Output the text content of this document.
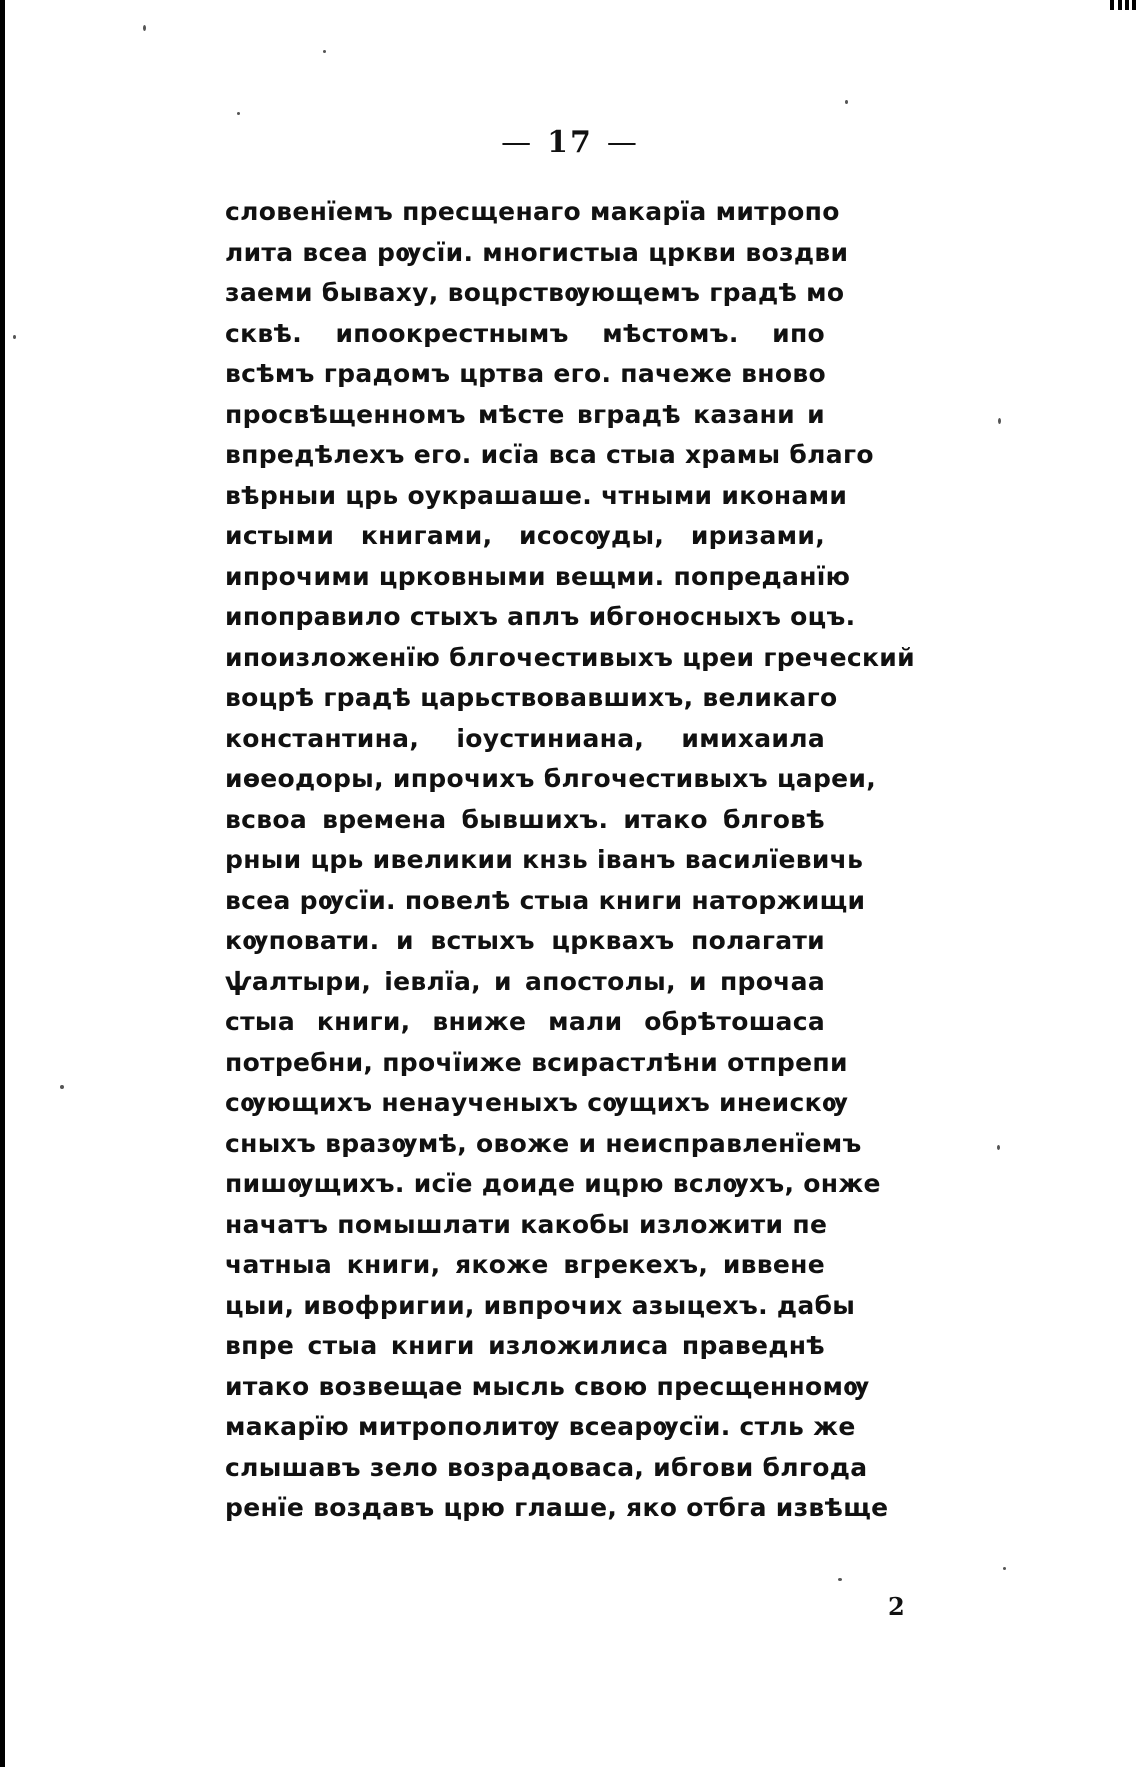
— 17 —
словенїемъ пресщенаго макарїа митропо
лита всеа рѹсїи. многистыа цркви воздви
заеми бываху, воцрствѹющемъ градѣ мо
сквѣ. ипоокрестнымъ мѣстомъ. ипо
всѣмъ градомъ цртва его. пачеже вново
просвѣщенномъ мѣсте вградѣ казани и
впредѣлехъ его. исїа вса стыа храмы благо
вѣрныи црь оукрашаше. чтными иконами
истыми книгами, исосѹды, иризами,
ипрочими црковными вещми. попреданїю
ипоправило стыхъ аплъ ибгоносныхъ оцъ.
ипоизложенїю блгочестивыхъ цреи греческий
воцрѣ градѣ царьствовавшихъ, великаго
константина, iоустиниана, имихаила
иѳеодоры, ипрочихъ блгочестивыхъ цареи,
всвоа времена бывшихъ. итако блговѣ
рныи црь ивеликии кнзь iванъ василїевичь
всеа рѹсїи. повелѣ стыа книги наторжищи
кѹповати. и встыхъ црквахъ полагати
ѱалтыри, iевлїа, и апостолы, и прочаа
стыа книги, вниже мали обрѣтошаса
потребни, прочїиже всирастлѣни отпрепи
сѹющихъ ненаученыхъ сѹщихъ инеискѹ
сныхъ вразѹмѣ, овоже и неисправленїемъ
пишѹщихъ. исїе доиде ицрю вслѹхъ, онже
начатъ помышлати какобы изложити пе
чатныа книги, якоже вгрекехъ, иввене
цыи, ивофригии, ивпрочих азыцехъ. дабы
впре стыа книги изложилиса праведнѣ
итако возвещае мысль свою пресщенномѹ
макарїю митрополитѹ всеарѹсїи. стль же
слышавъ зело возрадоваса, ибгови блгода
ренїе воздавъ црю глаше, яко отбга извѣще
2
